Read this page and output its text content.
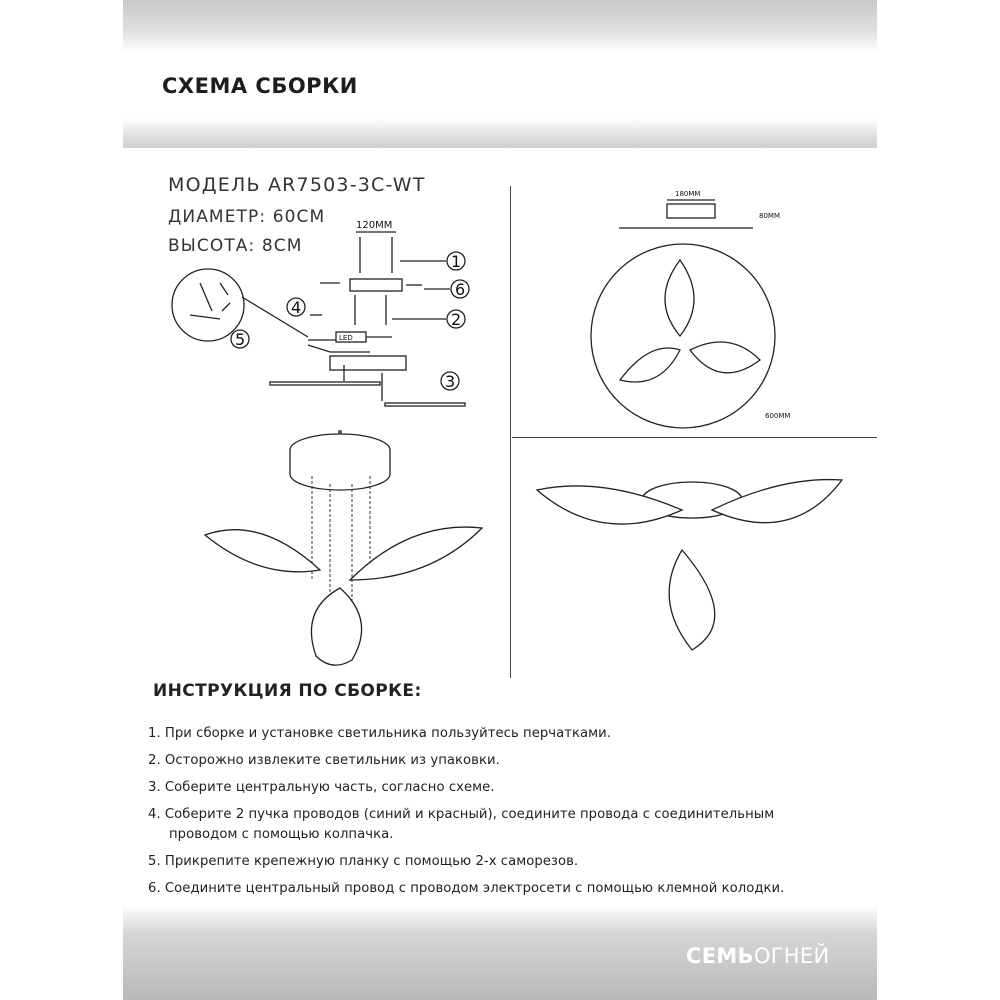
СХЕМА СБОРКИ

МОДЕЛЬ AR7503-3C-WT

ДИАМЕТР: 60СМ

ВЫСОТА: 8СМ

120ММ
1
6
2
4
5
3
LED
180ММ
80ММ
600ММ
ИНСТРУКЦИЯ ПО СБОРКЕ:
1. При сборке и установке светильника пользуйтесь перчатками.
2. Осторожно извлеките светильник из упаковки.
3. Соберите центральную часть, согласно схеме.
4. Соберите 2 пучка проводов (синий и красный), соедините провода с соединительным
проводом с помощью колпачка.
5. Прикрепите крепежную планку с помощью 2-х саморезов.
6. Соедините центральный провод с проводом электросети с помощью клемной колодки.

СЕМЬОГНЕЙ
